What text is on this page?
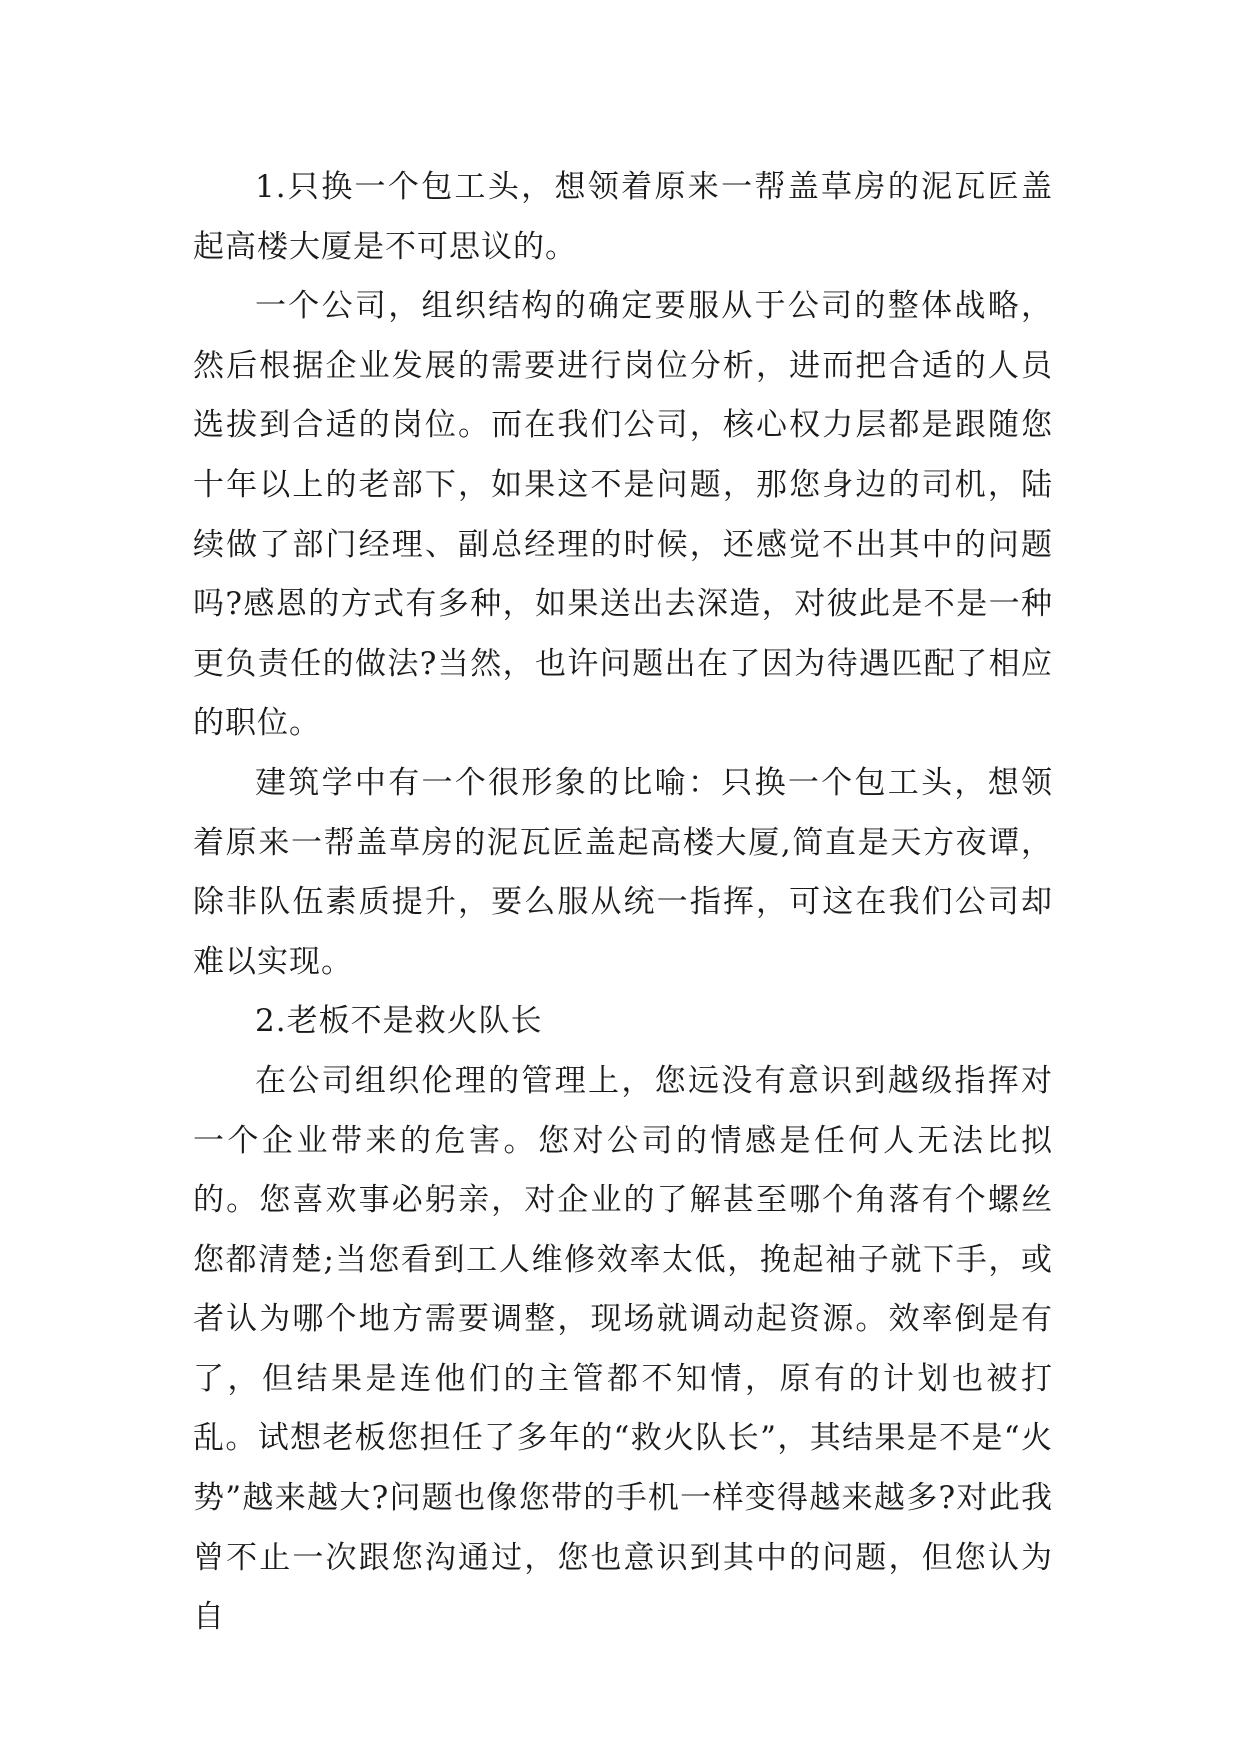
1.只换一个包工头，想领着原来一帮盖草房的泥瓦匠盖起高楼大厦是不可思议的。

一个公司，组织结构的确定要服从于公司的整体战略，然后根据企业发展的需要进行岗位分析，进而把合适的人员选拔到合适的岗位。而在我们公司，核心权力层都是跟随您十年以上的老部下，如果这不是问题，那您身边的司机，陆续做了部门经理、副总经理的时候，还感觉不出其中的问题吗?感恩的方式有多种，如果送出去深造，对彼此是不是一种更负责任的做法?当然，也许问题出在了因为待遇匹配了相应的职位。

建筑学中有一个很形象的比喻：只换一个包工头，想领着原来一帮盖草房的泥瓦匠盖起高楼大厦,简直是天方夜谭，除非队伍素质提升，要么服从统一指挥，可这在我们公司却难以实现。

2.老板不是救火队长

在公司组织伦理的管理上，您远没有意识到越级指挥对一个企业带来的危害。您对公司的情感是任何人无法比拟的。您喜欢事必躬亲，对企业的了解甚至哪个角落有个螺丝您都清楚;当您看到工人维修效率太低，挽起袖子就下手，或者认为哪个地方需要调整，现场就调动起资源。效率倒是有了，但结果是连他们的主管都不知情，原有的计划也被打乱。试想老板您担任了多年的“救火队长”，其结果是不是“火势”越来越大?问题也像您带的手机一样变得越来越多?对此我曾不止一次跟您沟通过，您也意识到其中的问题，但您认为自
